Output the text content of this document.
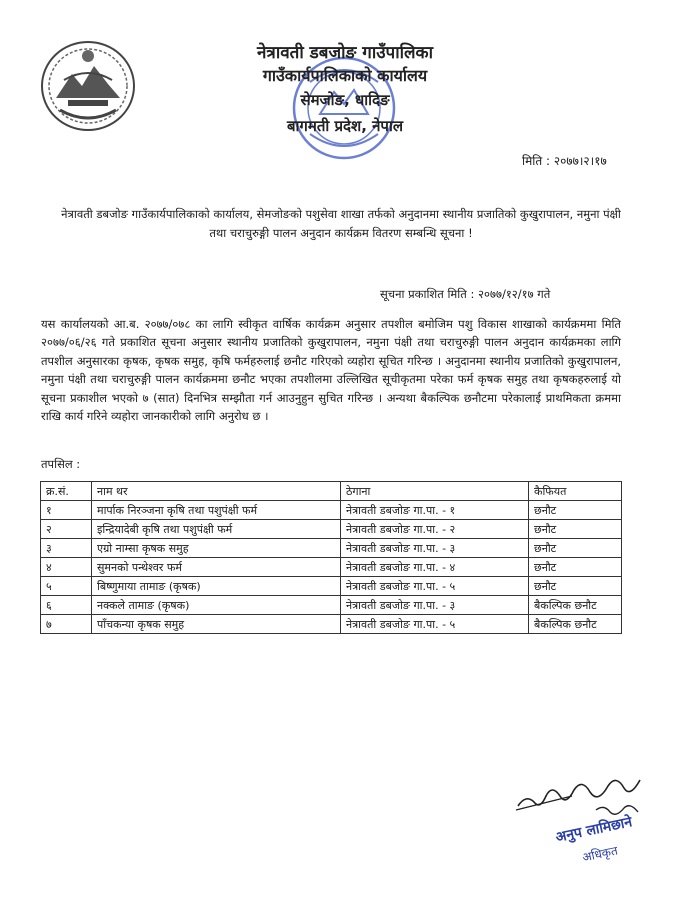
नेत्रावती डबजोङ गाउँपालिका
गाउँकार्यपालिकाको कार्यालय
सेमजोङ, धादिङ
बागमती प्रदेश, नेपाल
मिति : २०७७।२।१७
नेत्रावती डबजोङ गाउँकार्यपालिकाको कार्यालय, सेमजोङको पशुसेवा शाखा तर्फको अनुदानमा स्थानीय प्रजातिको कुखुरापालन, नमुना पंक्षी तथा चराचुरुङ्गी पालन अनुदान कार्यक्रम वितरण सम्बन्धि सूचना !
सूचना प्रकाशित मिति : २०७७/१२/१७ गते
यस कार्यालयको आ.ब. २०७७/०७८ का लागि स्वीकृत वार्षिक कार्यक्रम अनुसार तपशील बमोजिम पशु विकास शाखाको कार्यक्रममा मिति २०७७/०६/२६ गते प्रकाशित सूचना अनुसार स्थानीय प्रजातिको कुखुरापालन, नमुना पंक्षी तथा चराचुरुङ्गी पालन अनुदान कार्यक्रमका लागि तपशील अनुसारका कृषक, कृषक समुह, कृषि फर्महरुलाई छनौट गरिएको व्यहोरा सूचित गरिन्छ । अनुदानमा स्थानीय प्रजातिको कुखुरापालन, नमुना पंक्षी तथा चराचुरुङ्गी पालन कार्यक्रममा छनौट भएका तपशीलमा उल्लिखित सूचीकृतमा परेका फर्म कृषक समुह तथा कृषकहरुलाई यो सूचना प्रकाशील भएको ७ (सात) दिनभित्र सम्झौता गर्न आउनुहुन सुचित गरिन्छ । अन्यथा बैकल्पिक छनौटमा परेकालाई प्राथमिकता क्रममा राखि कार्य गरिने व्यहोरा जानकारीको लागि अनुरोध छ ।
तपसिल :
क्र.सं.	नाम थर	ठेगाना	कैफियत
१	मार्पाक निरञ्जना कृषि तथा पशुपंक्षी फर्म	नेत्रावती डबजोङ गा.पा. - १	छनौट
२	इन्द्रियादेबी कृषि तथा पशुपंक्षी फर्म	नेत्रावती डबजोङ गा.पा. - २	छनौट
३	एग्रो नाम्सा कृषक समुह	नेत्रावती डबजोङ गा.पा. - ३	छनौट
४	सुमनको पन्थेश्वर फर्म	नेत्रावती डबजोङ गा.पा. - ४	छनौट
५	बिष्णुमाया तामाङ (कृषक)	नेत्रावती डबजोङ गा.पा. - ५	छनौट
६	नक्कले तामाङ (कृषक)	नेत्रावती डबजोङ गा.पा. - ३	बैकल्पिक छनौट
७	पाँचकन्या कृषक समुह	नेत्रावती डबजोङ गा.पा. - ५	बैकल्पिक छनौट
अनुप लामिछाने
अधिकृत
